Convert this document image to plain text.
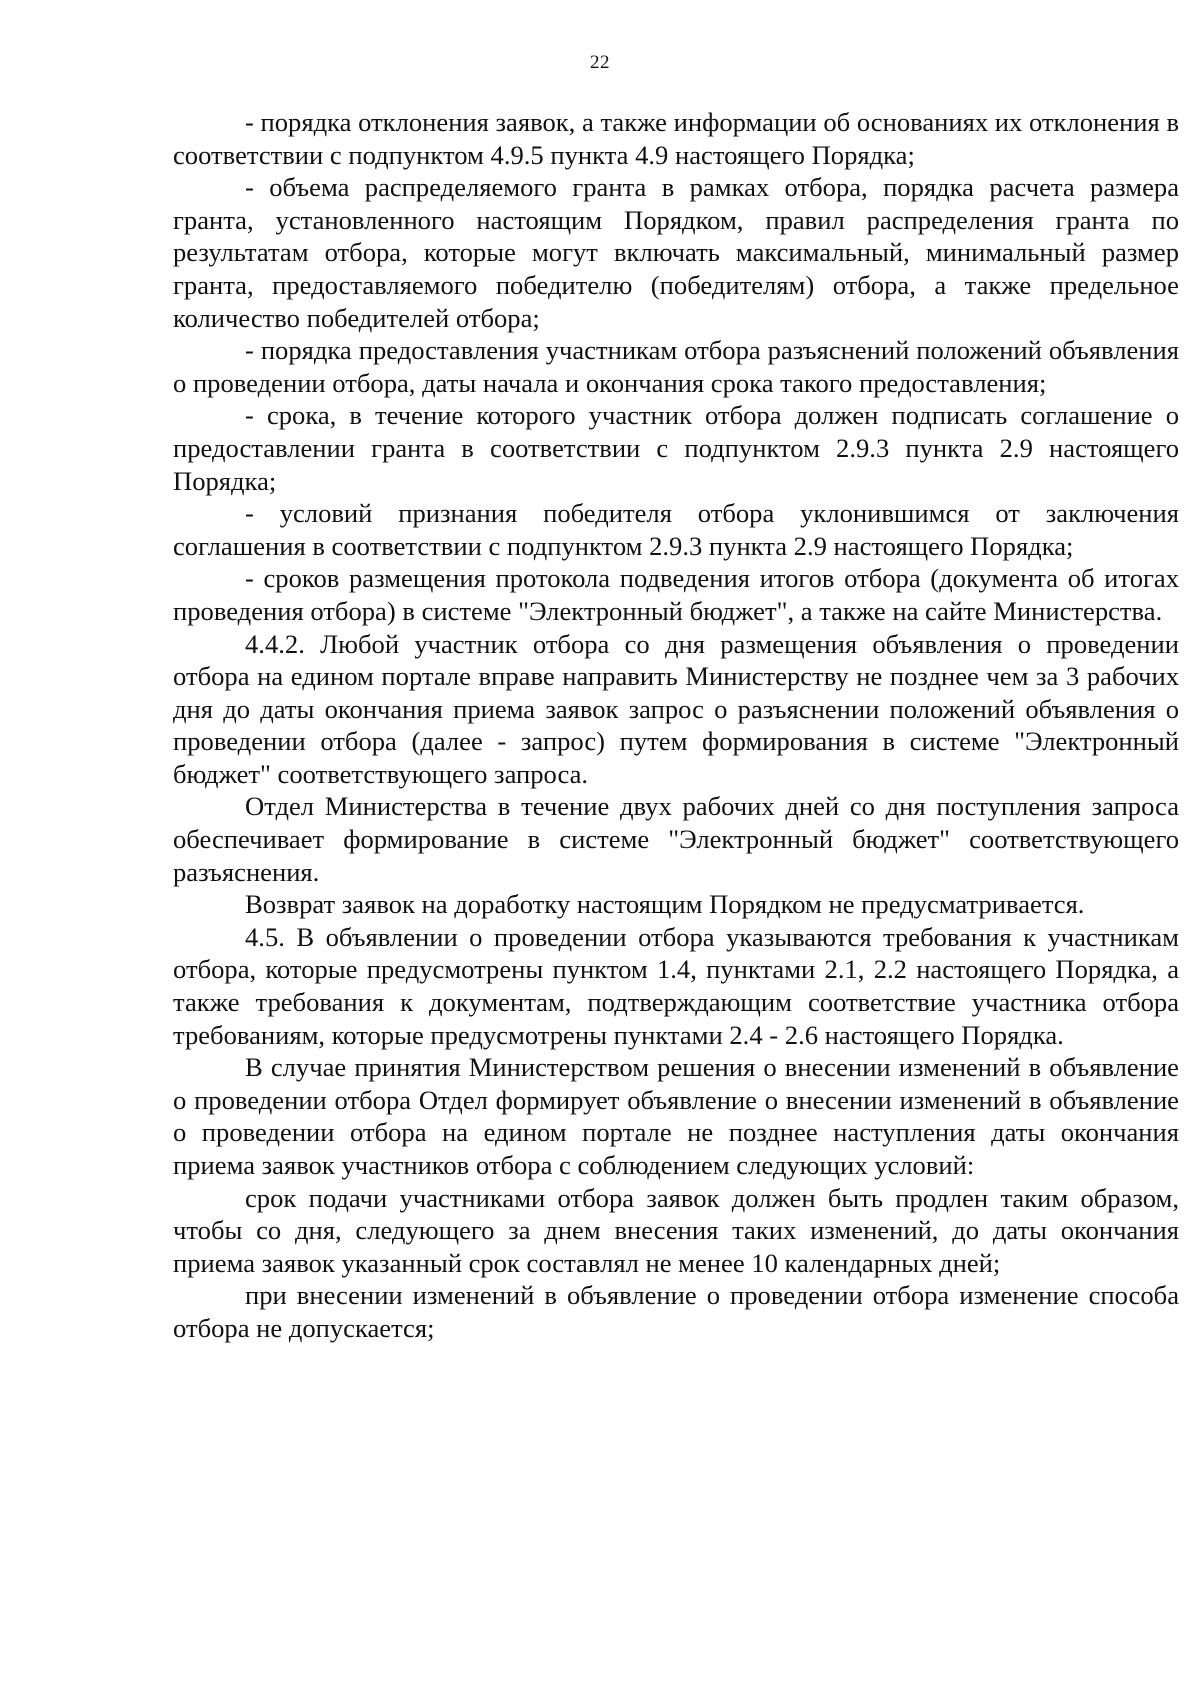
22

- порядка отклонения заявок, а также информации об основаниях их отклонения в соответствии с подпунктом 4.9.5 пункта 4.9 настоящего Порядка;

- объема распределяемого гранта в рамках отбора, порядка расчета размера гранта, установленного настоящим Порядком, правил распределения гранта по результатам отбора, которые могут включать максимальный, минимальный размер гранта, предоставляемого победителю (победителям) отбора, а также предельное количество победителей отбора;

- порядка предоставления участникам отбора разъяснений положений объявления о проведении отбора, даты начала и окончания срока такого предоставления;

- срока, в течение которого участник отбора должен подписать соглашение о предоставлении гранта в соответствии с подпунктом 2.9.3 пункта 2.9 настоящего Порядка;

- условий признания победителя отбора уклонившимся от заключения соглашения в соответствии с подпунктом 2.9.3 пункта 2.9 настоящего Порядка;

- сроков размещения протокола подведения итогов отбора (документа об итогах проведения отбора) в системе "Электронный бюджет", а также на сайте Министерства.

4.4.2. Любой участник отбора со дня размещения объявления о проведении отбора на едином портале вправе направить Министерству не позднее чем за 3 рабочих дня до даты окончания приема заявок запрос о разъяснении положений объявления о проведении отбора (далее - запрос) путем формирования в системе "Электронный бюджет" соответствующего запроса.

Отдел Министерства в течение двух рабочих дней со дня поступления запроса обеспечивает формирование в системе "Электронный бюджет" соответствующего разъяснения.

Возврат заявок на доработку настоящим Порядком не предусматривается.

4.5. В объявлении о проведении отбора указываются требования к участникам отбора, которые предусмотрены пунктом 1.4, пунктами 2.1, 2.2 настоящего Порядка, а также требования к документам, подтверждающим соответствие участника отбора требованиям, которые предусмотрены пунктами 2.4 - 2.6 настоящего Порядка.

В случае принятия Министерством решения о внесении изменений в объявление о проведении отбора Отдел формирует объявление о внесении изменений в объявление о проведении отбора на едином портале не позднее наступления даты окончания приема заявок участников отбора с соблюдением следующих условий:

срок подачи участниками отбора заявок должен быть продлен таким образом, чтобы со дня, следующего за днем внесения таких изменений, до даты окончания приема заявок указанный срок составлял не менее 10 календарных дней;

при внесении изменений в объявление о проведении отбора изменение способа отбора не допускается;
